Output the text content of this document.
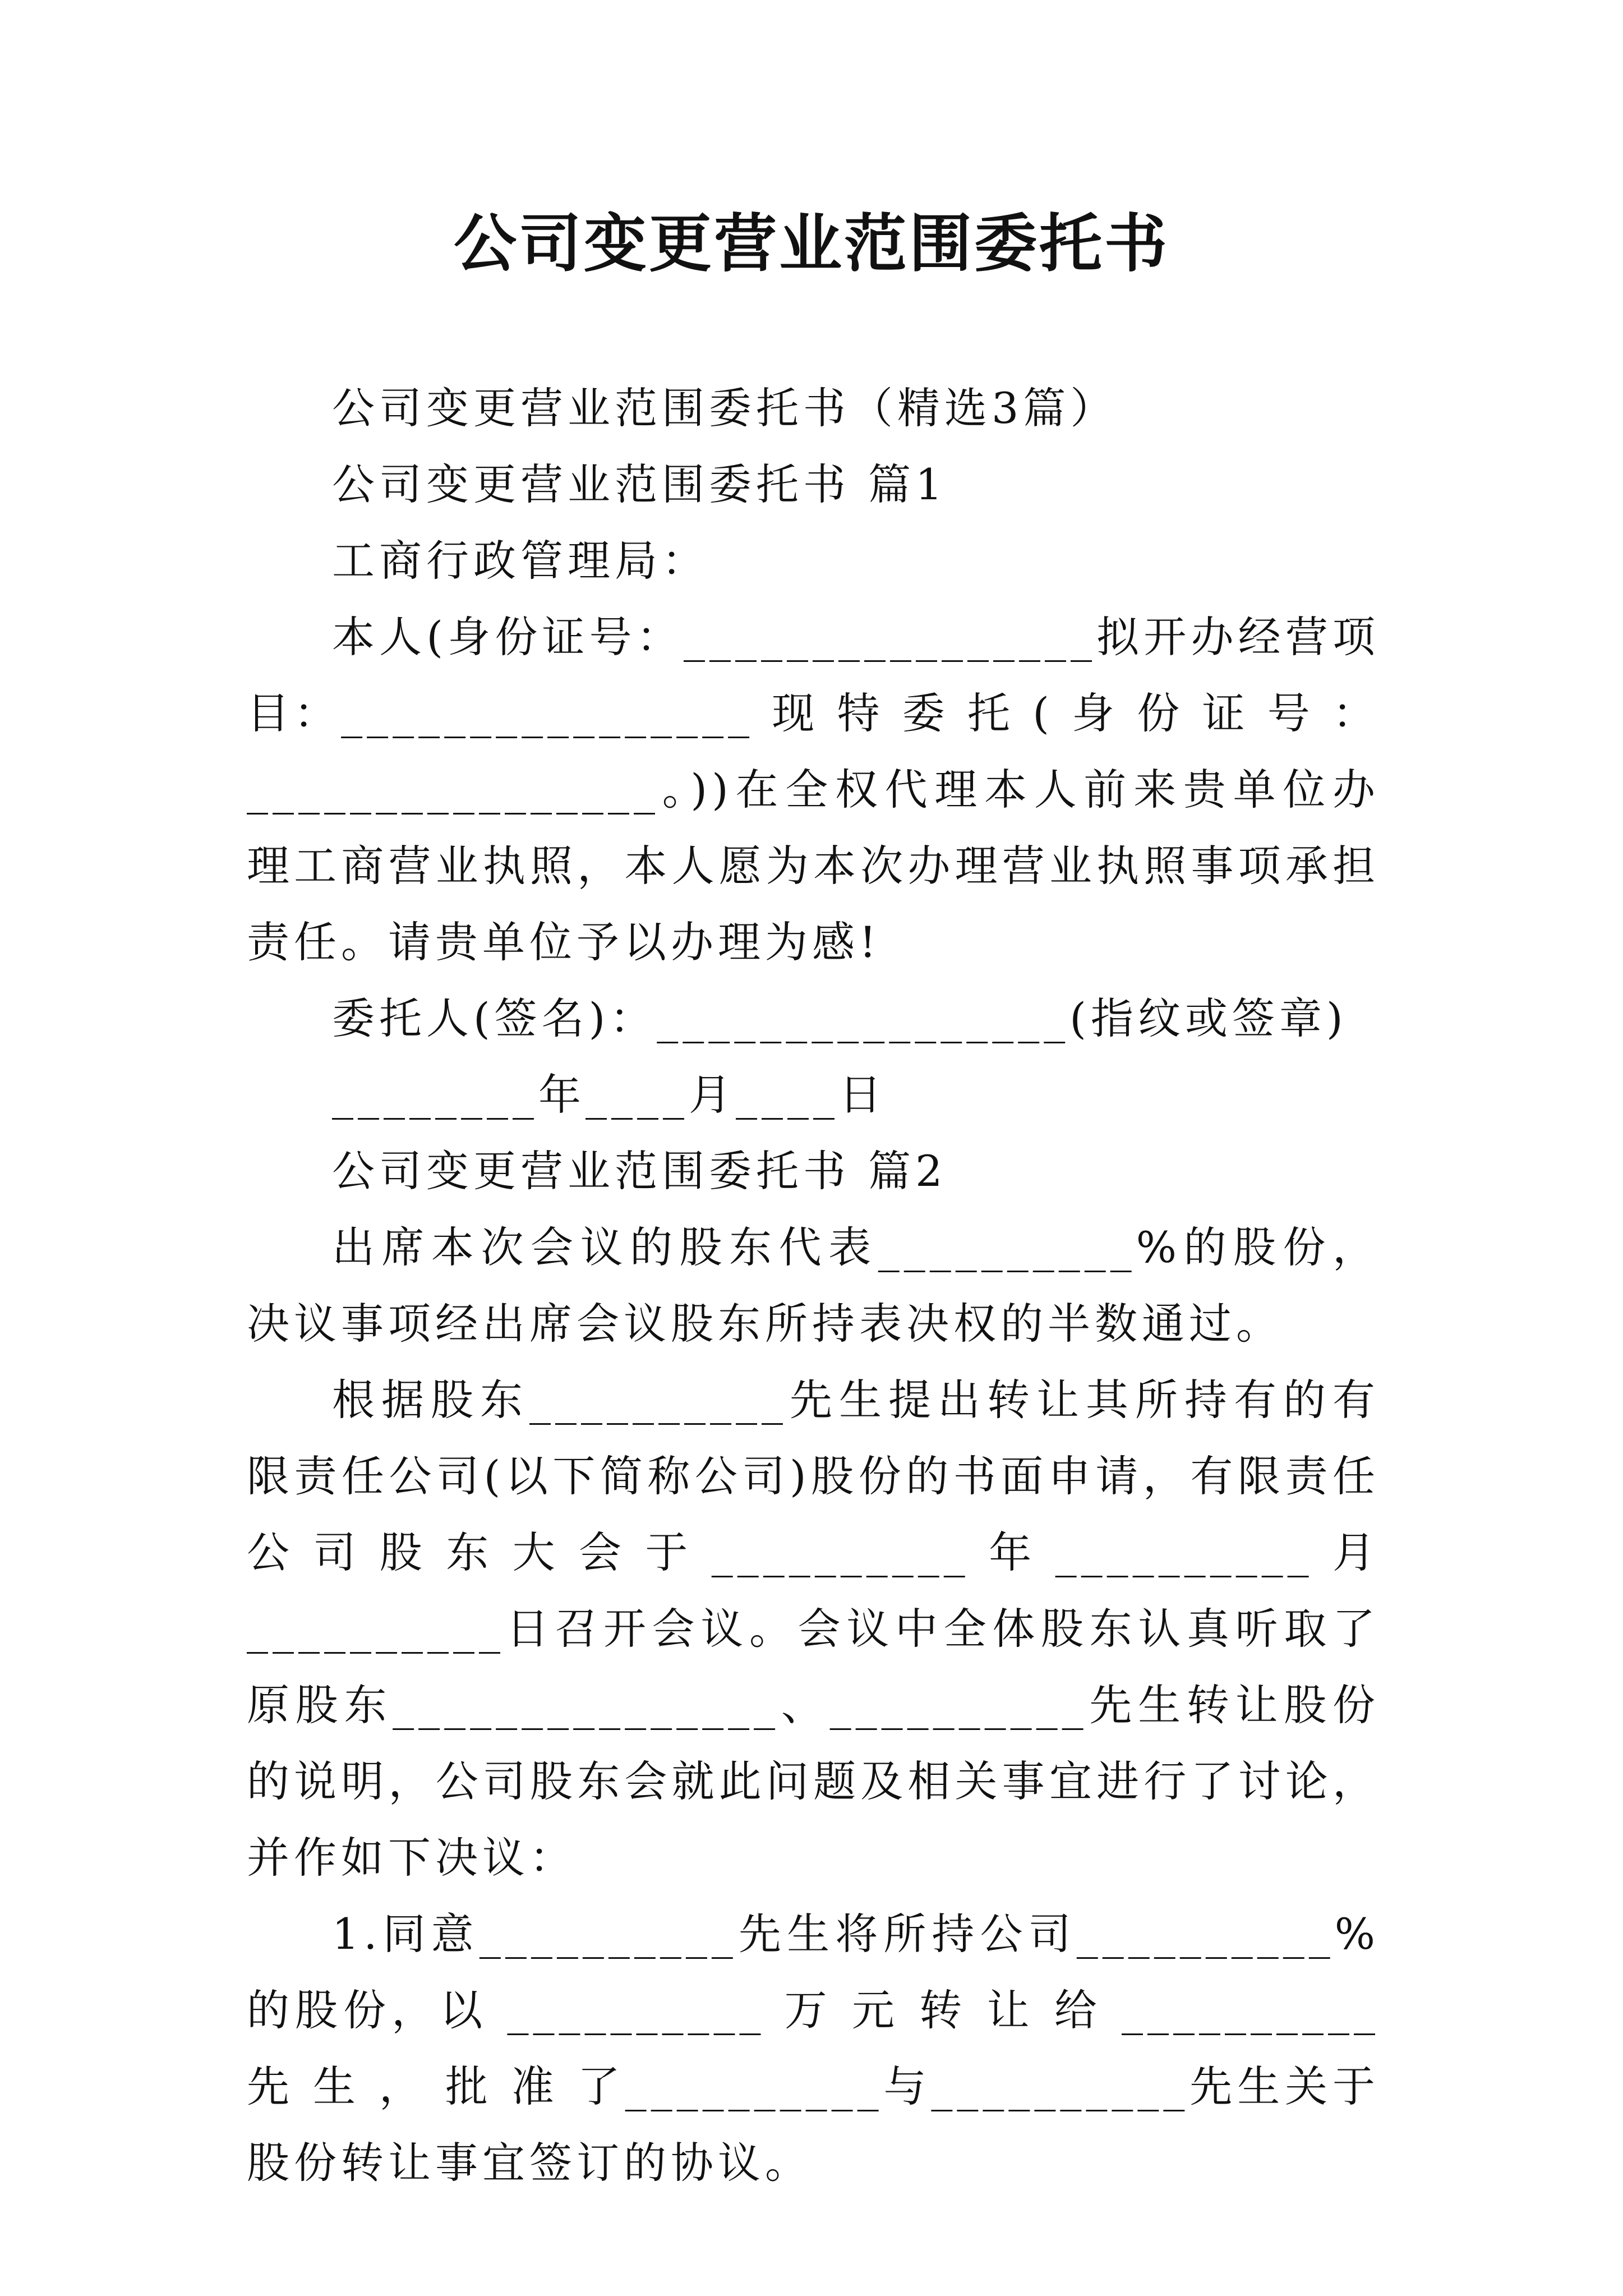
公司变更营业范围委托书

公司变更营业范围委托书（精选3篇）

公司变更营业范围委托书 篇1

工商行政管理局：

本人(身份证号：________________拟开办经营项目：________________ 现 特 委 托 ( 身 份 证 号 ：________________。))在全权代理本人前来贵单位办理工商营业执照，本人愿为本次办理营业执照事项承担责任。请贵单位予以办理为感!

委托人(签名)：________________(指纹或签章)

________年____月____日

公司变更营业范围委托书 篇2

出席本次会议的股东代表__________%的股份，决议事项经出席会议股东所持表决权的半数通过。

根据股东__________先生提出转让其所持有的有限责任公司(以下简称公司)股份的书面申请，有限责任公司股东大会于__________年__________月__________日召开会议。会议中全体股东认真听取了原股东_______________、__________先生转让股份的说明，公司股东会就此问题及相关事宜进行了讨论，并作如下决议：

1.同意__________先生将所持公司__________%的股份，以 __________ 万 元 转 让 给 __________ 先 生 ， 批 准 了__________与__________先生关于股份转让事宜签订的协议。
